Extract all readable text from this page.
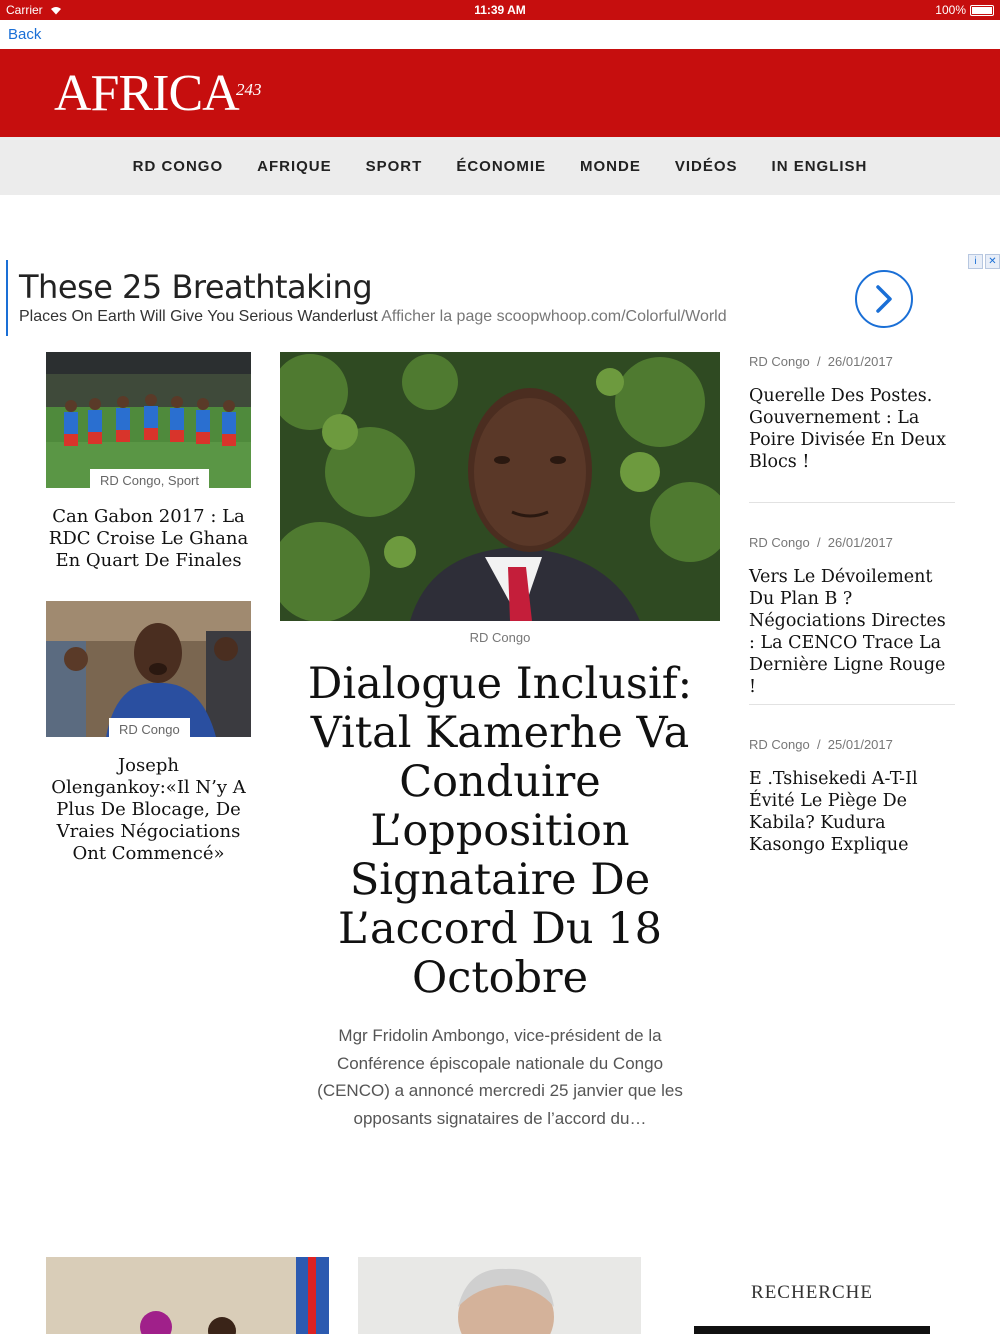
Carrier	11:39 AM	100%
Back
AFRICA
243
RD CONGO	AFRIQUE	SPORT	ÉCONOMIE	MONDE	VIDÉOS	IN ENGLISH
These 25 Breathtaking
Places On Earth Will Give You Serious Wanderlust Afficher la page scoopwhoop.com/Colorful/World
i	✕
RD Congo, Sport
Can Gabon 2017 : La RDC Croise Le Ghana En Quart De Finales
RD Congo
Joseph Olengankoy:«Il N’y A Plus De Blocage, De Vraies Négociations Ont Commencé»
RD Congo
Dialogue Inclusif: Vital Kamerhe Va Conduire L’opposition Signataire De L’accord Du 18 Octobre
Mgr Fridolin Ambongo, vice-président de la Conférence épiscopale nationale du Congo (CENCO) a annoncé mercredi 25 janvier que les opposants signataires de l’accord du…
RD Congo / 26/01/2017
Querelle Des Postes. Gouvernement : La Poire Divisée En Deux Blocs !
RD Congo / 26/01/2017
Vers Le Dévoilement Du Plan B ? Négociations Directes : La CENCO Trace La Dernière Ligne Rouge !
RD Congo / 25/01/2017
E .Tshisekedi A-T-Il Évité Le Piège De Kabila? Kudura Kasongo Explique
RECHERCHE
